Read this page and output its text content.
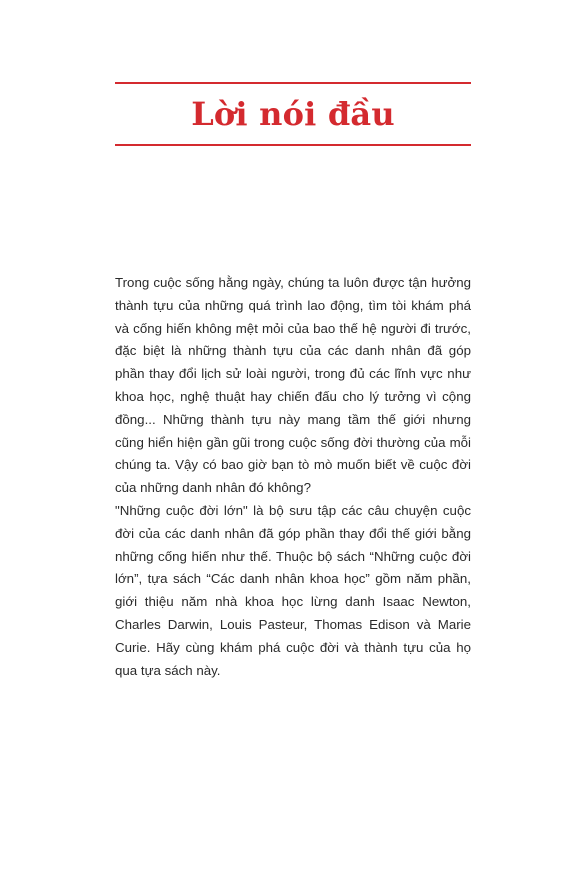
Lời nói đầu

Trong cuộc sống hằng ngày, chúng ta luôn được tận hưởng thành tựu của những quá trình lao động, tìm tòi khám phá và cống hiến không mệt mỏi của bao thế hệ người đi trước, đặc biệt là những thành tựu của các danh nhân đã góp phần thay đổi lịch sử loài người, trong đủ các lĩnh vực như khoa học, nghệ thuật hay chiến đấu cho lý tưởng vì cộng đồng... Những thành tựu này mang tầm thế giới nhưng cũng hiển hiện gần gũi trong cuộc sống đời thường của mỗi chúng ta. Vậy có bao giờ bạn tò mò muốn biết về cuộc đời của những danh nhân đó không?

"Những cuộc đời lớn" là bộ sưu tập các câu chuyện cuộc đời của các danh nhân đã góp phần thay đổi thế giới bằng những cống hiến như thế. Thuộc bộ sách “Những cuộc đời lớn”, tựa sách “Các danh nhân khoa học” gồm năm phần, giới thiệu năm nhà khoa học lừng danh Isaac Newton, Charles Darwin, Louis Pasteur, Thomas Edison và Marie Curie. Hãy cùng khám phá cuộc đời và thành tựu của họ qua tựa sách này.
